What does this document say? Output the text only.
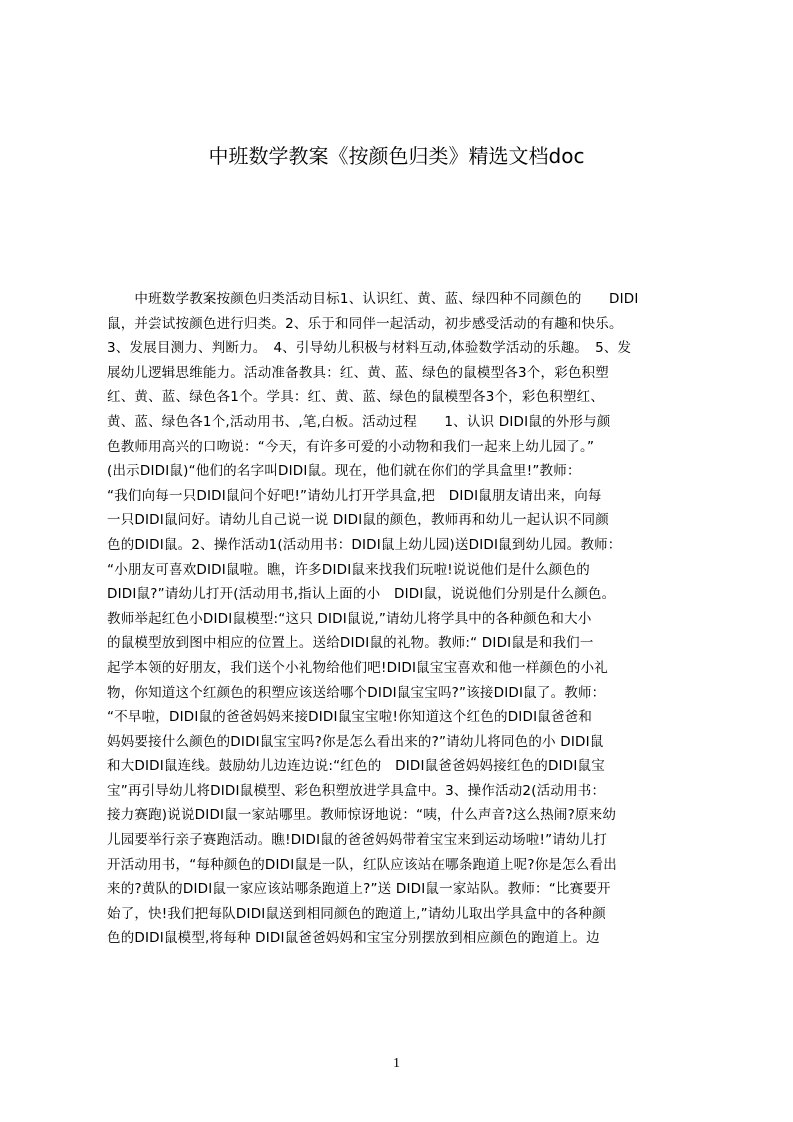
中班数学教案《按颜色归类》精选文档doc
　　中班数学教案按颜色归类活动目标1、认识红、黄、蓝、绿四种不同颜色的　　DIDI
鼠，并尝试按颜色进行归类。2、乐于和同伴一起活动，初步感受活动的有趣和快乐。
3、发展目测力、判断力。　4、引导幼儿积极与材料互动,体验数学活动的乐趣。　5、发
展幼儿逻辑思维能力。活动准备教具：红、黄、蓝、绿色的鼠模型各3个，彩色积塑
红、黄、蓝、绿色各1个。学具：红、黄、蓝、绿色的鼠模型各3个，彩色积塑红、
黄、蓝、绿色各1个,活动用书、,笔,白板。活动过程　　1、认识 DIDI鼠的外形与颜
色教师用高兴的口吻说：“今天，有许多可爱的小动物和我们一起来上幼儿园了。”
(出示DIDI鼠)“他们的名字叫DIDI鼠。现在，他们就在你们的学具盒里!”教师：
“我们向每一只DIDI鼠问个好吧!”请幼儿打开学具盒,把　DIDI鼠朋友请出来，向每
一只DIDI鼠问好。请幼儿自己说一说 DIDI鼠的颜色，教师再和幼儿一起认识不同颜
色的DIDI鼠。2、操作活动1(活动用书：DIDI鼠上幼儿园)送DIDI鼠到幼儿园。教师：
“小朋友可喜欢DIDI鼠啦。瞧，许多DIDI鼠来找我们玩啦!说说他们是什么颜色的
DIDI鼠?”请幼儿打开(活动用书,指认上面的小　DIDI鼠，说说他们分别是什么颜色。
教师举起红色小DIDI鼠模型:“这只 DIDI鼠说,”请幼儿将学具中的各种颜色和大小
的鼠模型放到图中相应的位置上。送给DIDI鼠的礼物。教师:“ DIDI鼠是和我们一
起学本领的好朋友，我们送个小礼物给他们吧!DIDI鼠宝宝喜欢和他一样颜色的小礼
物，你知道这个红颜色的积塑应该送给哪个DIDI鼠宝宝吗?”该接DIDI鼠了。教师：
“不早啦，DIDI鼠的爸爸妈妈来接DIDI鼠宝宝啦!你知道这个红色的DIDI鼠爸爸和
妈妈要接什么颜色的DIDI鼠宝宝吗?你是怎么看出来的?”请幼儿将同色的小 DIDI鼠
和大DIDI鼠连线。鼓励幼儿边连边说:“红色的　DIDI鼠爸爸妈妈接红色的DIDI鼠宝
宝”再引导幼儿将DIDI鼠模型、彩色积塑放进学具盒中。3、操作活动2(活动用书：
接力赛跑)说说DIDI鼠一家站哪里。教师惊讶地说：“咦，什么声音?这么热闹?原来幼
儿园要举行亲子赛跑活动。瞧!DIDI鼠的爸爸妈妈带着宝宝来到运动场啦!”请幼儿打
开活动用书，“每种颜色的DIDI鼠是一队，红队应该站在哪条跑道上呢?你是怎么看出
来的?黄队的DIDI鼠一家应该站哪条跑道上?”送 DIDI鼠一家站队。教师：“比赛要开
始了，快!我们把每队DIDI鼠送到相同颜色的跑道上,”请幼儿取出学具盒中的各种颜
色的DIDI鼠模型,将每种 DIDI鼠爸爸妈妈和宝宝分别摆放到相应颜色的跑道上。边
1
